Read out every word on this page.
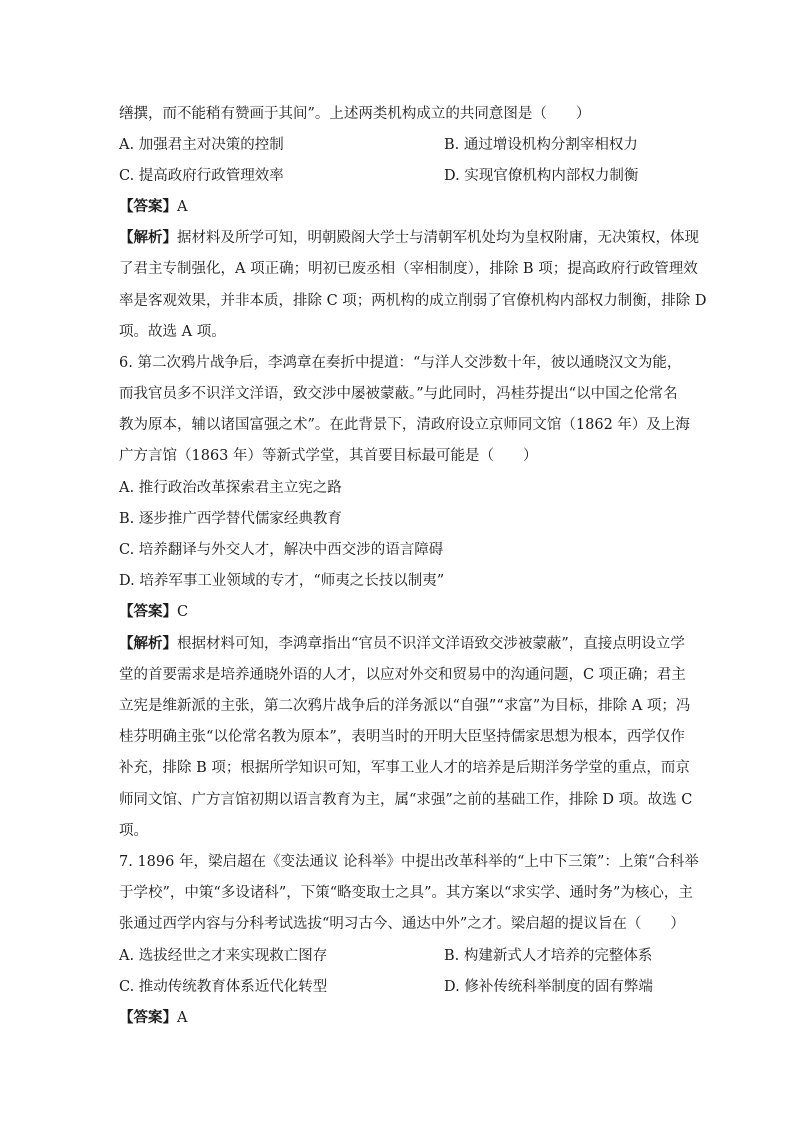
缮撰，而不能稍有赞画于其间”。上述两类机构成立的共同意图是（　　）
A. 加强君主对决策的控制	B. 通过增设机构分割宰相权力
C. 提高政府行政管理效率	D. 实现官僚机构内部权力制衡
【答案】A
【解析】据材料及所学可知，明朝殿阁大学士与清朝军机处均为皇权附庸，无决策权，体现
了君主专制强化，A 项正确；明初已废丞相（宰相制度），排除 B 项；提高政府行政管理效
率是客观效果，并非本质，排除 C 项；两机构的成立削弱了官僚机构内部权力制衡，排除 D
项。故选 A 项。
6. 第二次鸦片战争后，李鸿章在奏折中提道：“与洋人交涉数十年，彼以通晓汉文为能，
而我官员多不识洋文洋语，致交涉中屡被蒙蔽。”与此同时，冯桂芬提出“以中国之伦常名
教为原本，辅以诸国富强之术”。在此背景下，清政府设立京师同文馆（1862 年）及上海
广方言馆（1863 年）等新式学堂，其首要目标最可能是（　　）
A. 推行政治改革探索君主立宪之路
B. 逐步推广西学替代儒家经典教育
C. 培养翻译与外交人才，解决中西交涉的语言障碍
D. 培养军事工业领域的专才，“师夷之长技以制夷”
【答案】C
【解析】根据材料可知，李鸿章指出“官员不识洋文洋语致交涉被蒙蔽”，直接点明设立学
堂的首要需求是培养通晓外语的人才，以应对外交和贸易中的沟通问题，C 项正确；君主
立宪是维新派的主张，第二次鸦片战争后的洋务派以“自强”“求富”为目标，排除 A 项；冯
桂芬明确主张“以伦常名教为原本”，表明当时的开明大臣坚持儒家思想为根本，西学仅作
补充，排除 B 项；根据所学知识可知，军事工业人才的培养是后期洋务学堂的重点，而京
师同文馆、广方言馆初期以语言教育为主，属“求强”之前的基础工作，排除 D 项。故选 C
项。
7. 1896 年，梁启超在《变法通议 论科举》中提出改革科举的“上中下三策”：上策“合科举
于学校”，中策“多设诸科”，下策“略变取士之具”。其方案以“求实学、通时务”为核心，主
张通过西学内容与分科考试选拔“明习古今、通达中外”之才。梁启超的提议旨在（　　）
A. 选拔经世之才来实现救亡图存	B. 构建新式人才培养的完整体系
C. 推动传统教育体系近代化转型	D. 修补传统科举制度的固有弊端
【答案】A
